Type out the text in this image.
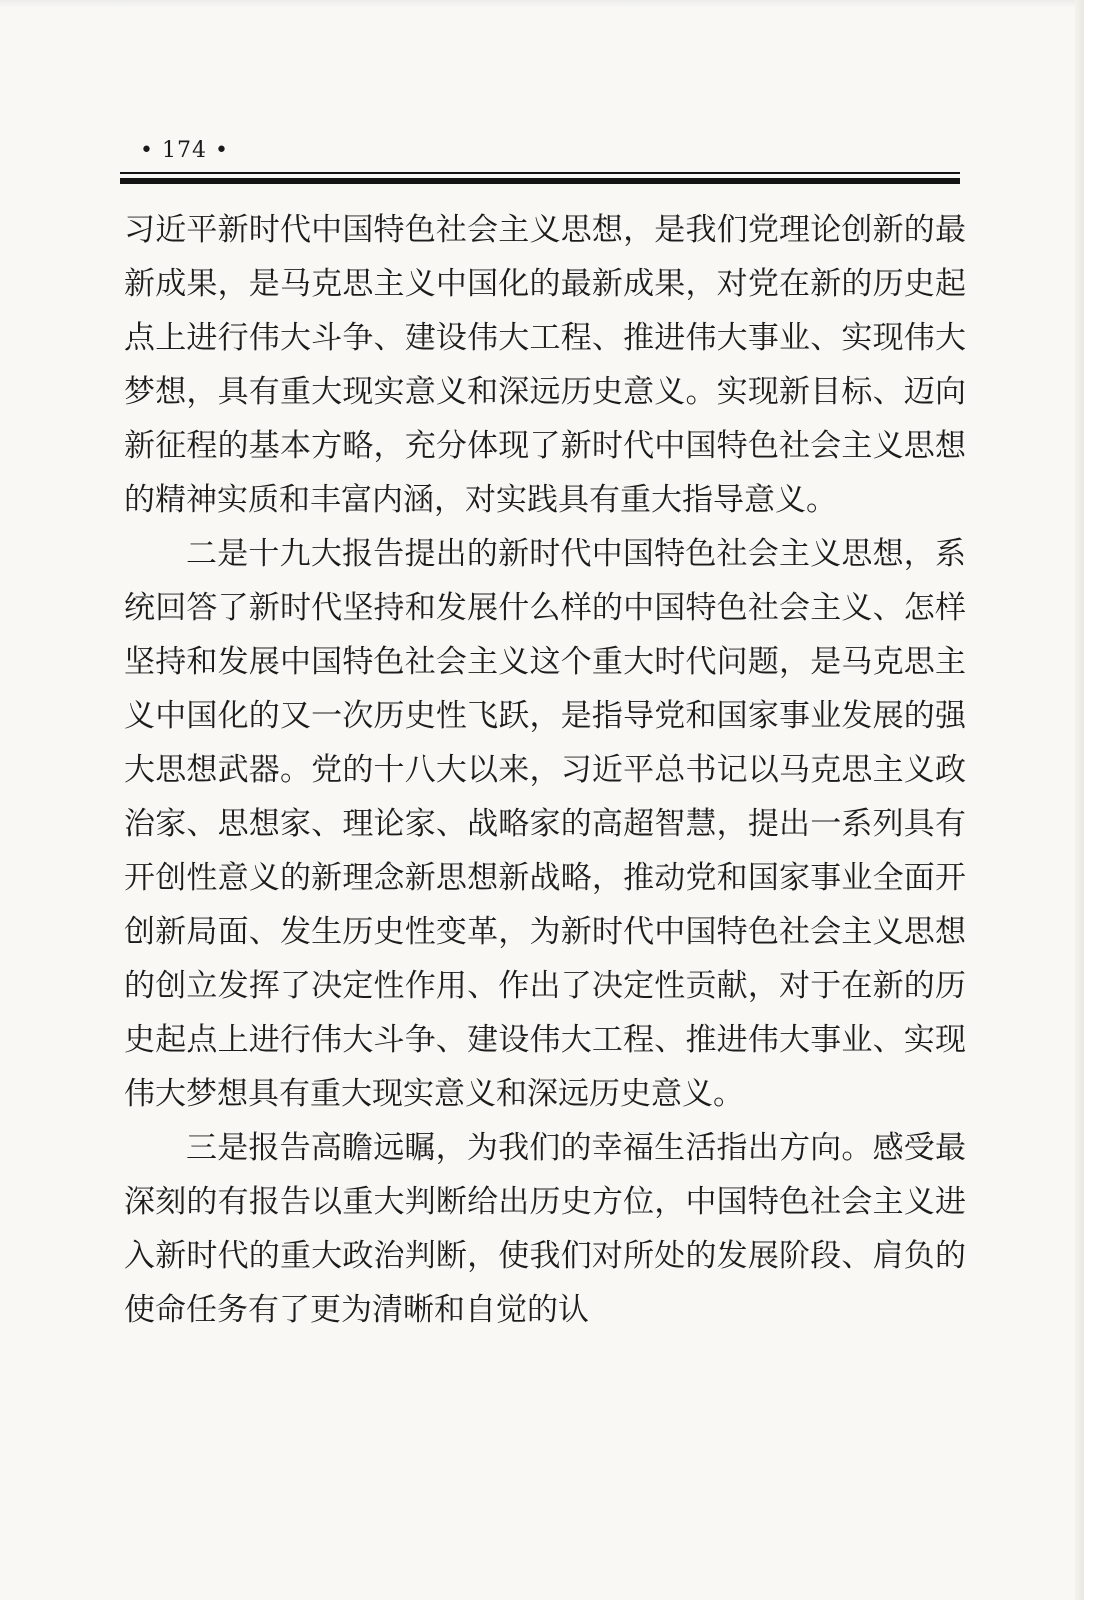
• 174 •

习近平新时代中国特色社会主义思想，是我们党理论创新的最新成果，是马克思主义中国化的最新成果，对党在新的历史起点上进行伟大斗争、建设伟大工程、推进伟大事业、实现伟大梦想，具有重大现实意义和深远历史意义。实现新目标、迈向新征程的基本方略，充分体现了新时代中国特色社会主义思想的精神实质和丰富内涵，对实践具有重大指导意义。

二是十九大报告提出的新时代中国特色社会主义思想，系统回答了新时代坚持和发展什么样的中国特色社会主义、怎样坚持和发展中国特色社会主义这个重大时代问题，是马克思主义中国化的又一次历史性飞跃，是指导党和国家事业发展的强大思想武器。党的十八大以来，习近平总书记以马克思主义政治家、思想家、理论家、战略家的高超智慧，提出一系列具有开创性意义的新理念新思想新战略，推动党和国家事业全面开创新局面、发生历史性变革，为新时代中国特色社会主义思想的创立发挥了决定性作用、作出了决定性贡献，对于在新的历史起点上进行伟大斗争、建设伟大工程、推进伟大事业、实现伟大梦想具有重大现实意义和深远历史意义。

三是报告高瞻远瞩，为我们的幸福生活指出方向。感受最深刻的有报告以重大判断给出历史方位，中国特色社会主义进入新时代的重大政治判断，使我们对所处的发展阶段、肩负的使命任务有了更为清晰和自觉的认
